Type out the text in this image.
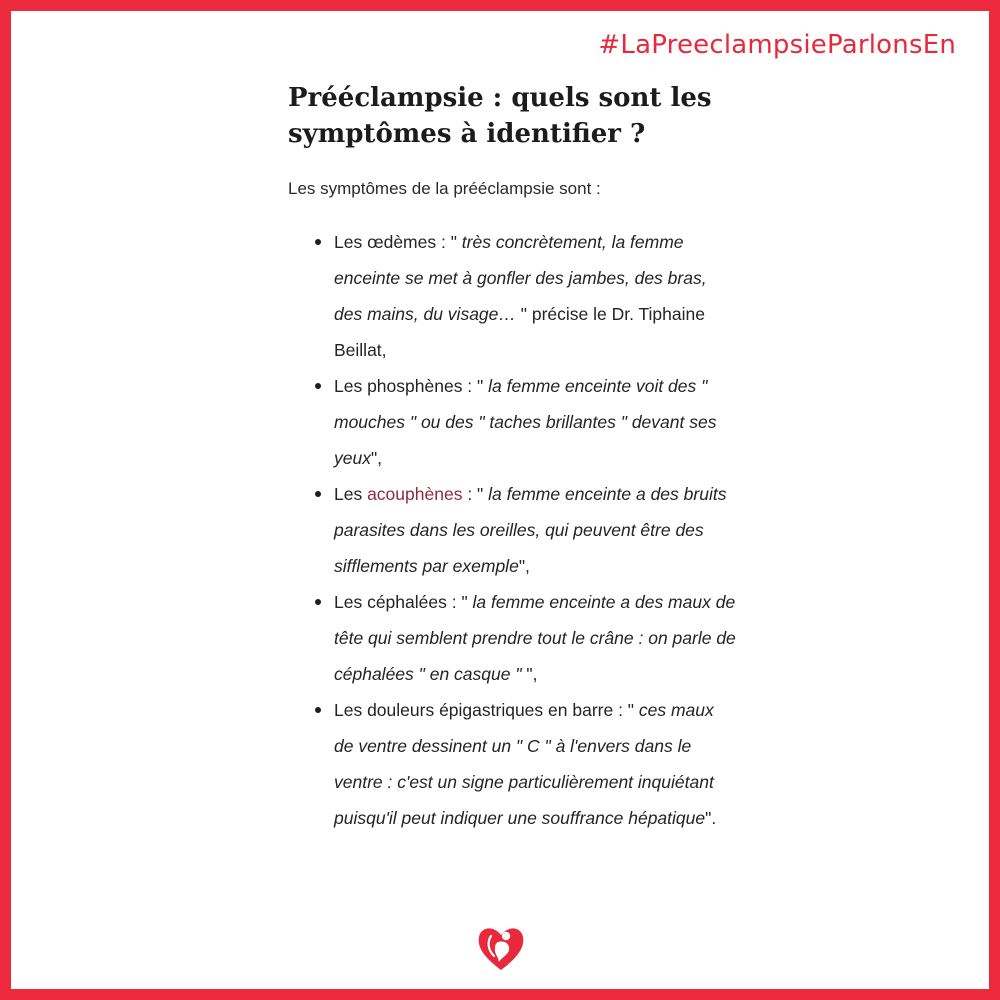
#LaPreeclampsieParlonsEn
Prééclampsie : quels sont les
symptômes à identifier ?

Les symptômes de la prééclampsie sont :

Les œdèmes : " très concrètement, la femme enceinte se met à gonfler des jambes, des bras, des mains, du visage… " précise le Dr. Tiphaine Beillat,
Les phosphènes : " la femme enceinte voit des " mouches " ou des " taches brillantes " devant ses yeux",
Les acouphènes : " la femme enceinte a des bruits parasites dans les oreilles, qui peuvent être des sifflements par exemple",
Les céphalées : " la femme enceinte a des maux de tête qui semblent prendre tout le crâne : on parle de céphalées " en casque " ",
Les douleurs épigastriques en barre : " ces maux de ventre dessinent un " C " à l'envers dans le ventre : c'est un signe particulièrement inquiétant puisqu'il peut indiquer une souffrance hépatique".
